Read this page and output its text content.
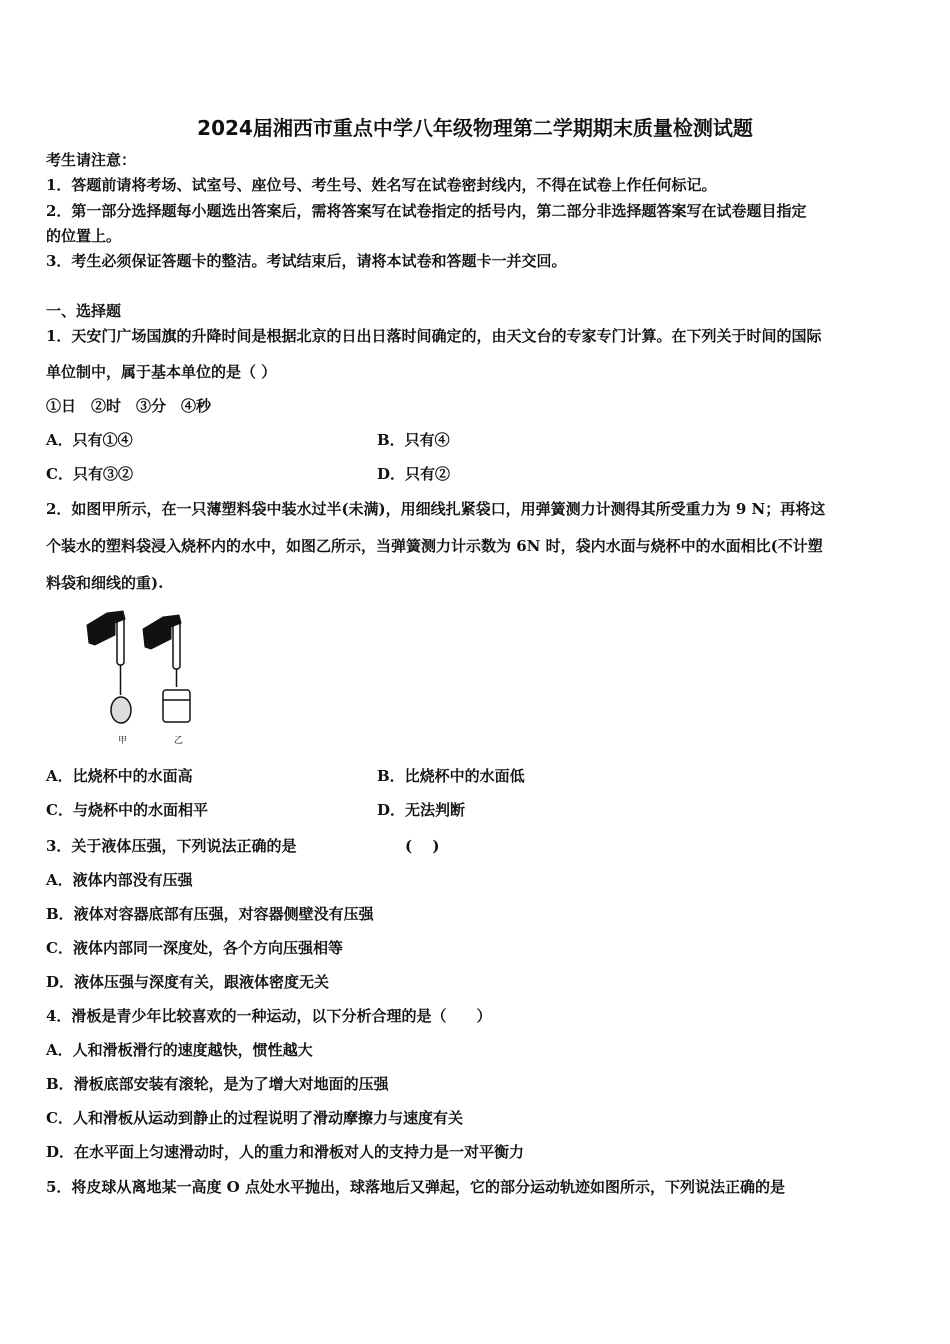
2024届湘西市重点中学八年级物理第二学期期末质量检测试题
考生请注意：
1．答题前请将考场、试室号、座位号、考生号、姓名写在试卷密封线内，不得在试卷上作任何标记。
2．第一部分选择题每小题选出答案后，需将答案写在试卷指定的括号内，第二部分非选择题答案写在试卷题目指定
的位置上。
3．考生必须保证答题卡的整洁。考试结束后，请将本试卷和答题卡一并交回。
一、选择题
1．天安门广场国旗的升降时间是根据北京的日出日落时间确定的，由天文台的专家专门计算。在下列关于时间的国际
单位制中，属于基本单位的是（ ）
①日　②时　③分　④秒
A．只有①④	B．只有④
C．只有③②	D．只有②
2．如图甲所示，在一只薄塑料袋中装水过半(未满)，用细线扎紧袋口，用弹簧测力计测得其所受重力为 9 N；再将这
个装水的塑料袋浸入烧杯内的水中，如图乙所示，当弹簧测力计示数为 6N 时，袋内水面与烧杯中的水面相比(不计塑
料袋和细线的重).
甲	乙
A．比烧杯中的水面高	B．比烧杯中的水面低
C．与烧杯中的水面相平	D．无法判断
3．关于液体压强，下列说法正确的是	(　 )
A．液体内部没有压强
B．液体对容器底部有压强，对容器侧壁没有压强
C．液体内部同一深度处，各个方向压强相等
D．液体压强与深度有关，跟液体密度无关
4．滑板是青少年比较喜欢的一种运动，以下分析合理的是（　　）
A．人和滑板滑行的速度越快，惯性越大
B．滑板底部安装有滚轮，是为了增大对地面的压强
C．人和滑板从运动到静止的过程说明了滑动摩擦力与速度有关
D．在水平面上匀速滑动时，人的重力和滑板对人的支持力是一对平衡力
5．将皮球从离地某一高度 O 点处水平抛出，球落地后又弹起，它的部分运动轨迹如图所示，下列说法正确的是
